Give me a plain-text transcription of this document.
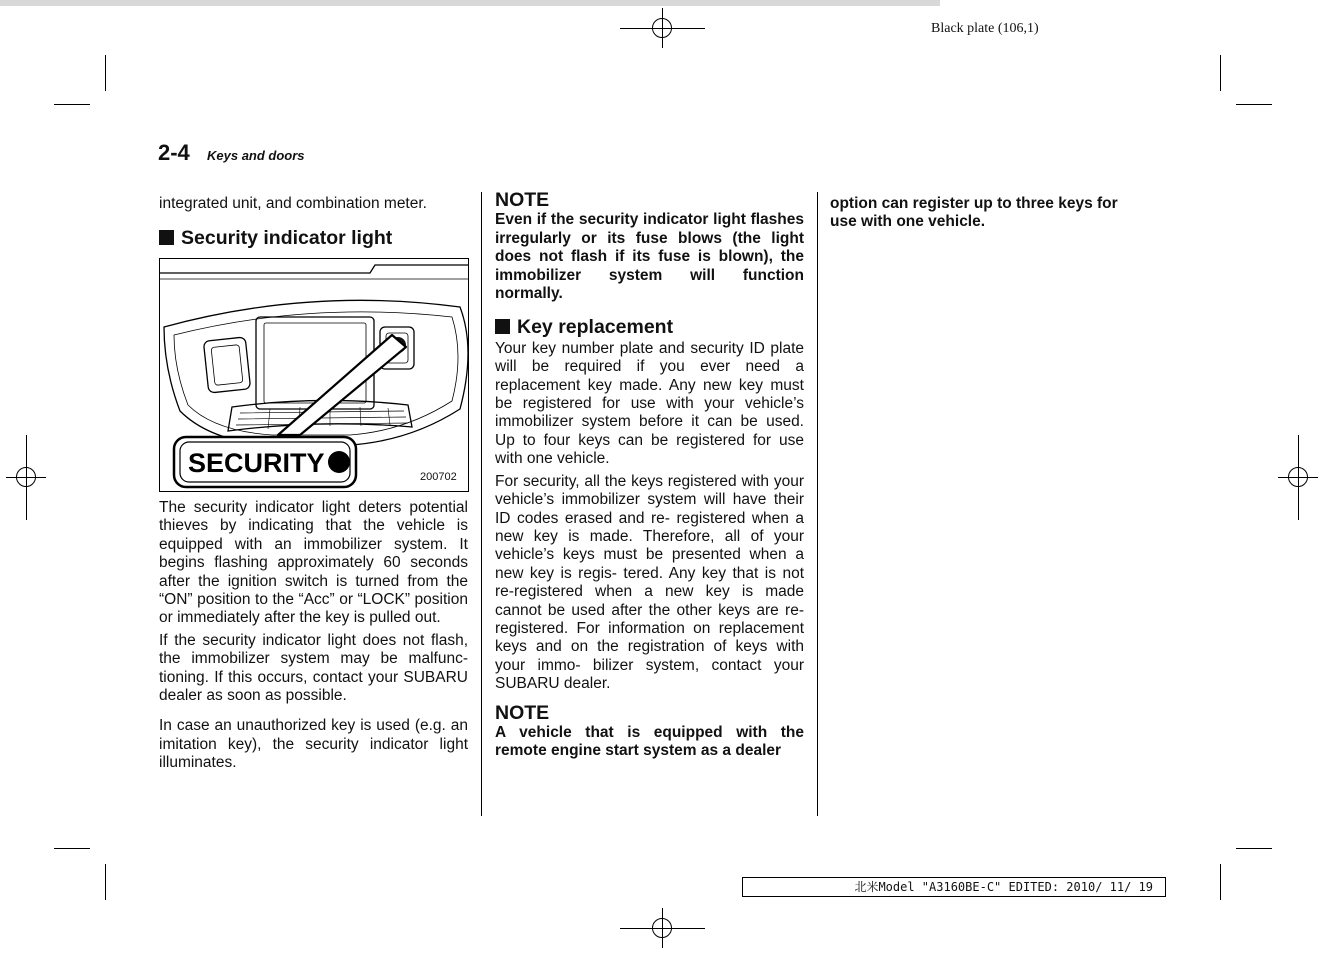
Black plate (106,1)
2-4 Keys and doors

integrated unit, and combination meter.

Security indicator light
SECURITY	200702

The security indicator light deters potential thieves by indicating that the vehicle is equipped with an immobilizer system. It begins flashing approximately 60 seconds after the ignition switch is turned from the “ON” position to the “Acc” or “LOCK” position or immediately after the key is pulled out.

If the security indicator light does not flash, the immobilizer system may be malfunc- tioning. If this occurs, contact your SUBARU dealer as soon as possible.

In case an unauthorized key is used (e.g. an imitation key), the security indicator light illuminates.

NOTE

Even if the security indicator light flashes irregularly or its fuse blows (the light does not flash if its fuse is blown), the immobilizer system will function normally.

Key replacement

Your key number plate and security ID plate will be required if you ever need a replacement key made. Any new key must be registered for use with your vehicle’s immobilizer system before it can be used. Up to four keys can be registered for use with one vehicle.

For security, all the keys registered with your vehicle’s immobilizer system will have their ID codes erased and re- registered when a new key is made. Therefore, all of your vehicle’s keys must be presented when a new key is regis- tered. Any key that is not re-registered when a new key is made cannot be used after the other keys are re-registered. For information on replacement keys and on the registration of keys with your immo- bilizer system, contact your SUBARU dealer.

NOTE

A vehicle that is equipped with the remote engine start system as a dealer

option can register up to three keys for use with one vehicle.

北米Model "A3160BE-C" EDITED: 2010/ 11/ 19
